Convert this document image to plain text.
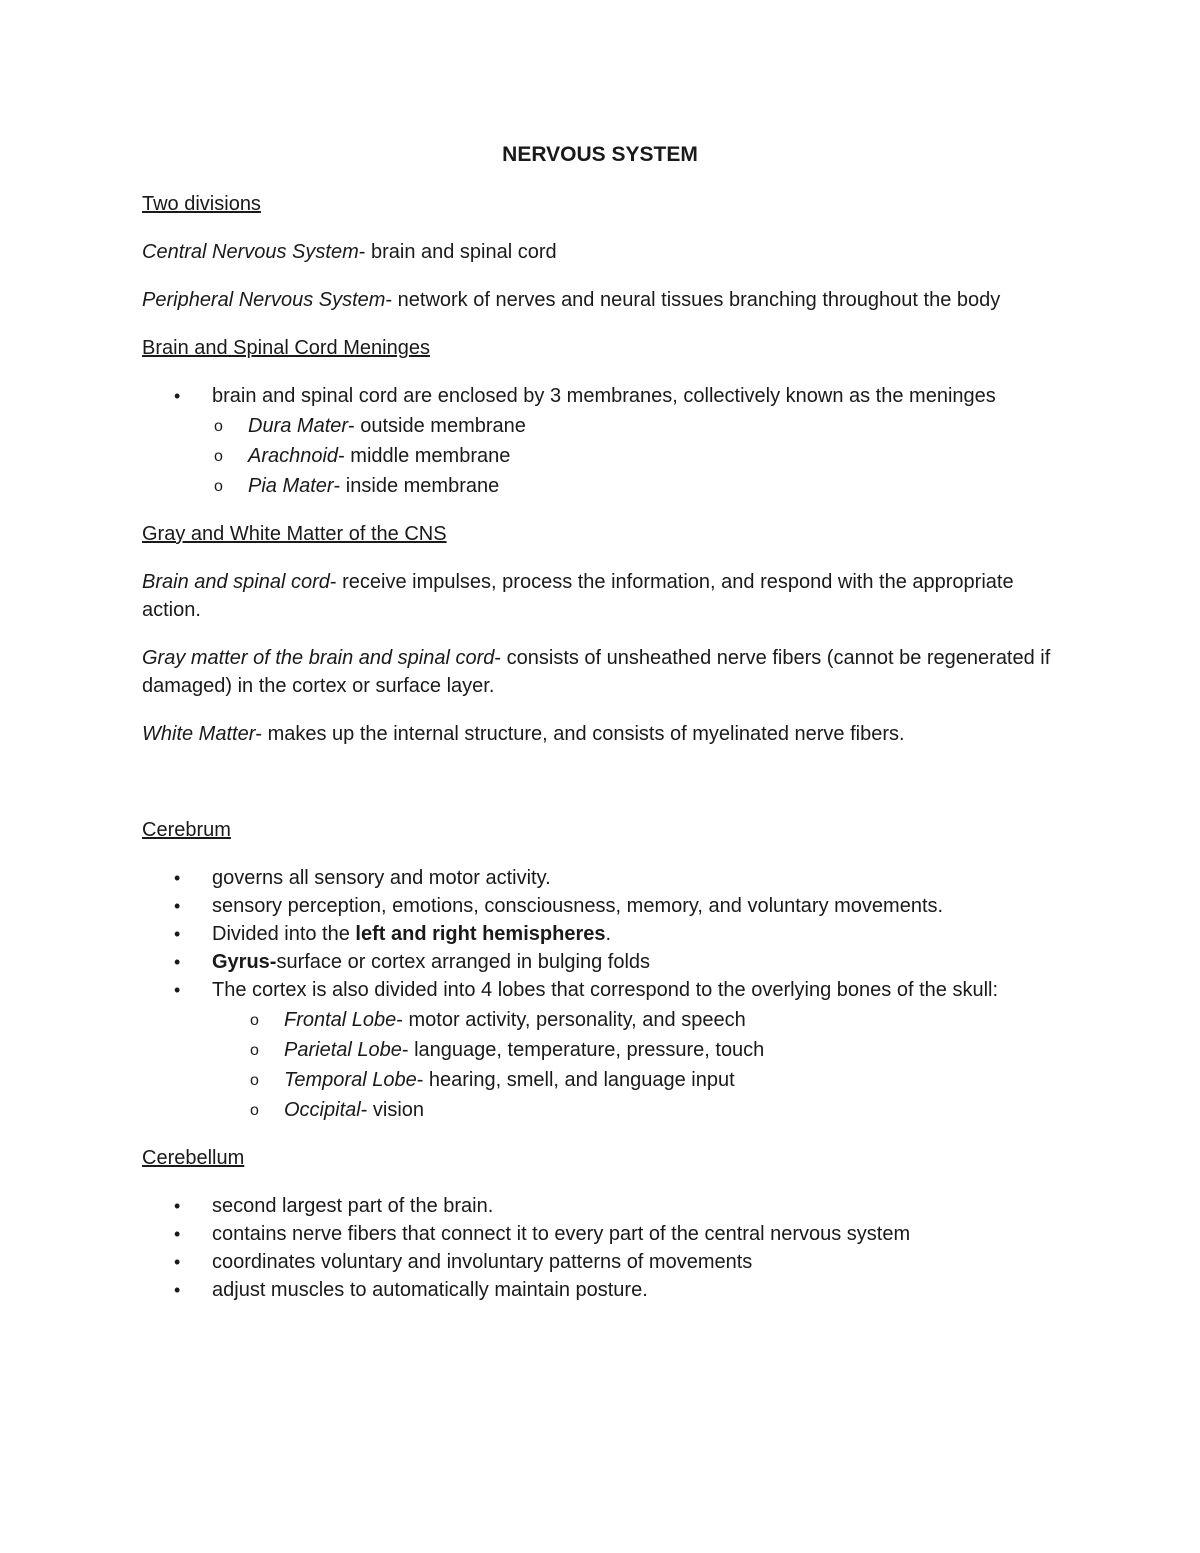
NERVOUS SYSTEM
Two divisions

Central Nervous System- brain and spinal cord

Peripheral Nervous System- network of nerves and neural tissues branching throughout the body

Brain and Spinal Cord Meninges
• brain and spinal cord are enclosed by 3 membranes, collectively known as the meninges
o Dura Mater- outside membrane
o Arachnoid- middle membrane
o Pia Mater- inside membrane
Gray and White Matter of the CNS

Brain and spinal cord- receive impulses, process the information, and respond with the appropriate action.

Gray matter of the brain and spinal cord- consists of unsheathed nerve fibers (cannot be regenerated if damaged) in the cortex or surface layer.

White Matter- makes up the internal structure, and consists of myelinated nerve fibers.

Cerebrum
• governs all sensory and motor activity.
• sensory perception, emotions, consciousness, memory, and voluntary movements.
• Divided into the left and right hemispheres.
• Gyrus-surface or cortex arranged in bulging folds
• The cortex is also divided into 4 lobes that correspond to the overlying bones of the skull:
o Frontal Lobe- motor activity, personality, and speech
o Parietal Lobe- language, temperature, pressure, touch
o Temporal Lobe- hearing, smell, and language input
o Occipital- vision
Cerebellum
• second largest part of the brain.
• contains nerve fibers that connect it to every part of the central nervous system
• coordinates voluntary and involuntary patterns of movements
• adjust muscles to automatically maintain posture.
